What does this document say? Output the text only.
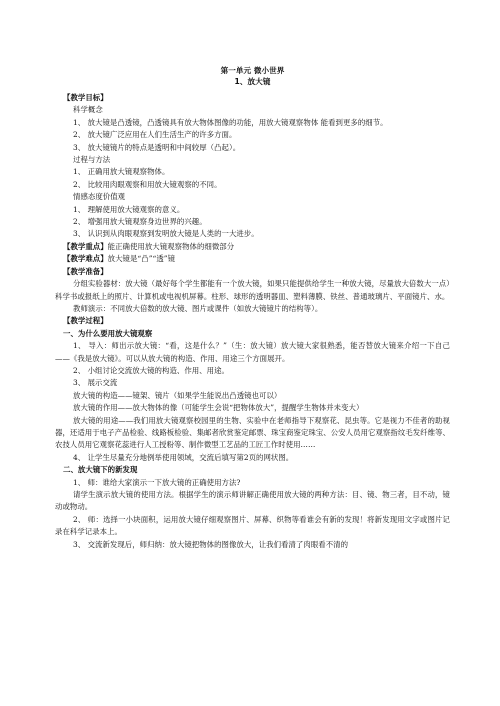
第一单元 微小世界
1、放大镜
【教学目标】
科学概念
1、 放大镜是凸透镜，凸透镜具有放大物体图像的功能，用放大镜观察物体 能看到更多的细节。
2、 放大镜广泛应用在人们生活生产的许多方面。
3、 放大镜镜片的特点是透明和中间较厚（凸起）。
过程与方法
1、 正确用放大镜观察物体。
2、 比较用肉眼观察和用放大镜观察的不同。
情感态度价值观
1、 理解使用放大镜观察的意义。
2、 增强用放大镜观察身边世界的兴趣。
3、 认识到从肉眼观察到发明放大镜是人类的一大进步。
【教学重点】能正确使用放大镜观察物体的细微部分
【教学难点】放大镜是“凸”“透”镜
【教学准备】
分组实验器材：放大镜（最好每个学生都能有一个放大镜，如果只能提供给学生一种放大镜，尽量放大倍数大一点）科学书或报纸上的照片、计算机或电视机屏幕。柱形、球形的透明器皿、塑料薄膜、铁丝、普通玻璃片、平面镜片、水。
教师演示：不同放大倍数的放大镜、图片或课件（如放大镜镜片的结构等）。
【教学过程】
一、为什么要用放大镜观察
1、 导入：师出示放大镜：“看，这是什么？”（生：放大镜）放大镜大家很熟悉，能否替放大镜来介绍一下自己——《我是放大镜》。可以从放大镜的构造、作用、用途三个方面展开。
2、 小组讨论交流放大镜的构造、作用、用途。
3、 展示交流
放大镜的构造——镜架、镜片（如果学生能说出凸透镜也可以）
放大镜的作用——放大物体的像（可能学生会说“把物体放大”，提醒学生物体并未变大）
放大镜的用途——我们用放大镜观察校园里的生物、实验中在老师指导下观察花、昆虫等。它是视力不佳者的助视器，还适用于电子产品检验、线路板检验、集邮者欣赏鉴定邮票、珠宝商鉴定珠宝、公安人员用它观察指纹毛发纤维等、农技人员用它观察花蕊进行人工授粉等、制作微型工艺品的工匠工作时使用……
4、 让学生尽量充分地例举使用领域，交流后填写第2页的网状图。
二、放大镜下的新发现
1、 师：谁给大家演示一下放大镜的正确使用方法?
请学生演示放大镜的使用方法。根据学生的演示师讲解正确使用放大镜的两种方法：目、镜、物三者，目不动，镜动或物动。
2、 师：选择一小块面积，运用放大镜仔细观察图片、屏幕、织物等看谁会有新的发现！将新发现用文字或图片记录在科学记录本上。
3、 交流新发现后，师归纳：放大镜把物体的图像放大，让我们看清了肉眼看不清的
